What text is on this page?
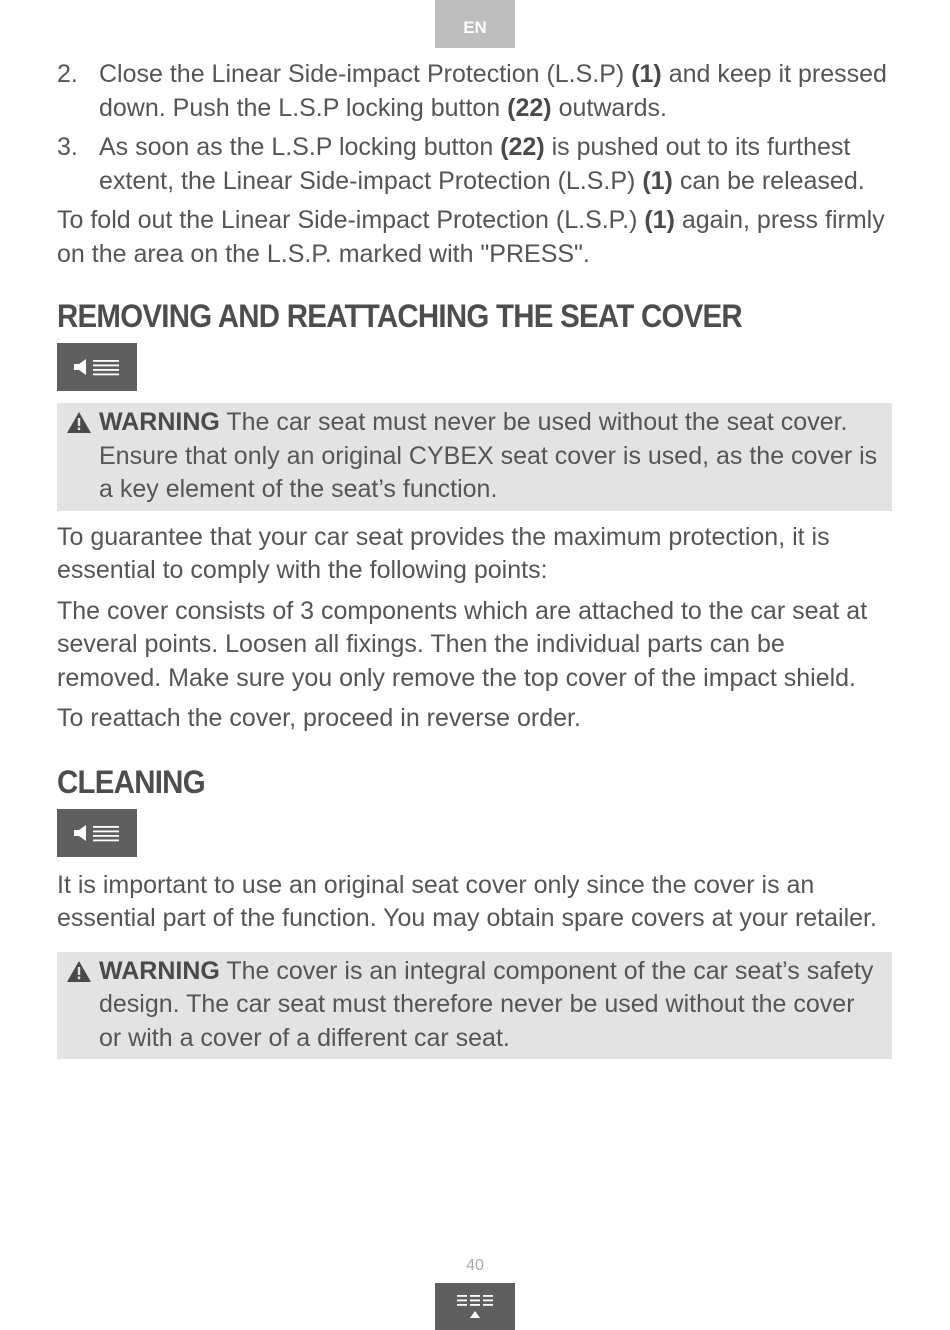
EN
2. Close the Linear Side-impact Protection (L.S.P) (1) and keep it pressed down. Push the L.S.P locking button (22) outwards.
3. As soon as the L.S.P locking button (22) is pushed out to its furthest extent, the Linear Side-impact Protection (L.S.P) (1) can be released.

To fold out the Linear Side-impact Protection (L.S.P.) (1) again, press firmly on the area on the L.S.P. marked with "PRESS".

REMOVING AND REATTACHING THE SEAT COVER
WARNING The car seat must never be used without the seat cover. Ensure that only an original CYBEX seat cover is used, as the cover is a key element of the seat’s function.

To guarantee that your car seat provides the maximum protection, it is essential to comply with the following points:

The cover consists of 3 components which are attached to the car seat at several points. Loosen all fixings. Then the individual parts can be removed. Make sure you only remove the top cover of the impact shield.

To reattach the cover, proceed in reverse order.

CLEANING

It is important to use an original seat cover only since the cover is an essential part of the function. You may obtain spare covers at your retailer.

WARNING The cover is an integral component of the car seat’s safety design. The car seat must therefore never be used without the cover or with a cover of a different car seat.
40
